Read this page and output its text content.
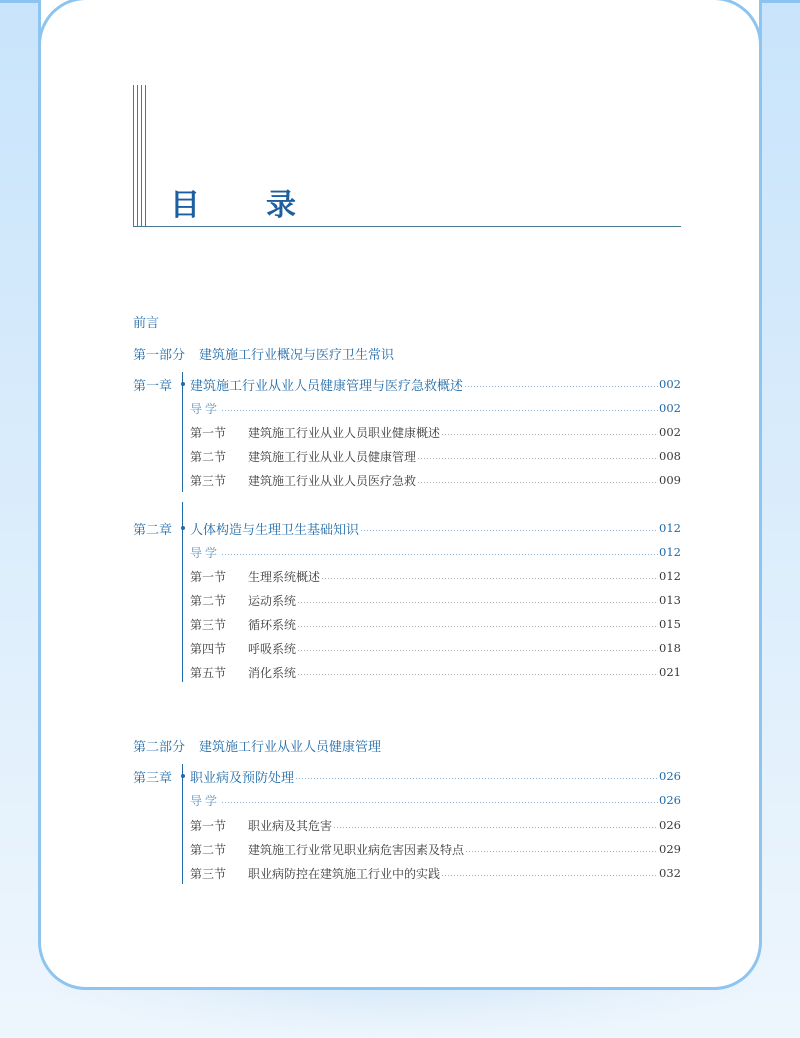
目　录
前言
第一部分 建筑施工行业概况与医疗卫生常识
第一章	建筑施工行业从业人员健康管理与医疗急救概述	002
导学	002
第一节	建筑施工行业从业人员职业健康概述	002
第二节	建筑施工行业从业人员健康管理	008
第三节	建筑施工行业从业人员医疗急救	009
第二章	人体构造与生理卫生基础知识	012
导学	012
第一节	生理系统概述	012
第二节	运动系统	013
第三节	循环系统	015
第四节	呼吸系统	018
第五节	消化系统	021
第二部分 建筑施工行业从业人员健康管理
第三章	职业病及预防处理	026
导学	026
第一节	职业病及其危害	026
第二节	建筑施工行业常见职业病危害因素及特点	029
第三节	职业病防控在建筑施工行业中的实践	032
